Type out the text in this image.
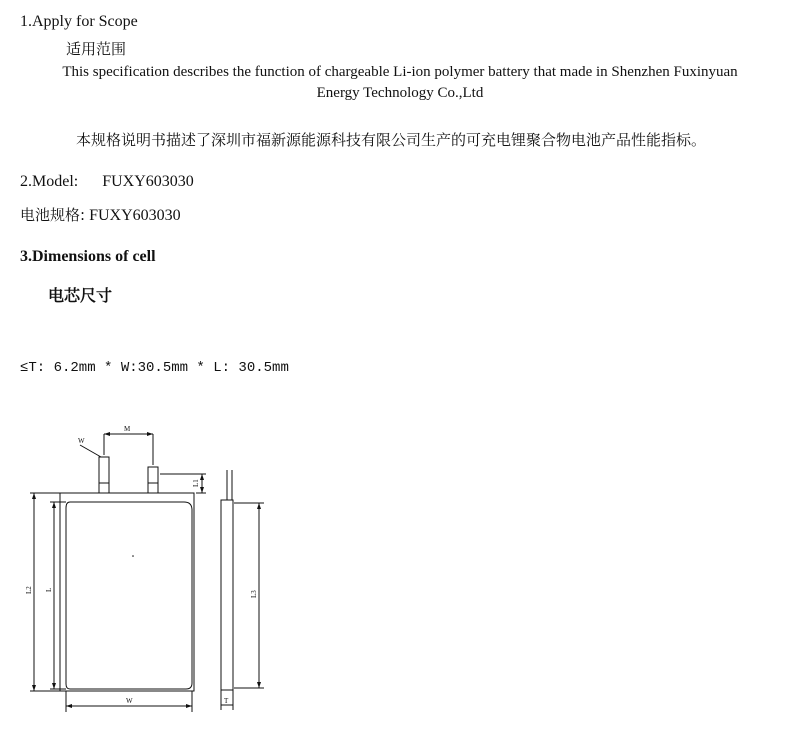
1.Apply for Scope
适用范围
This specification describes the function of chargeable Li-ion polymer battery that made in Shenzhen Fuxinyuan
Energy Technology Co.,Ltd
本规格说明书描述了深圳市福新源能源科技有限公司生产的可充电锂聚合物电池产品性能指标。
2.Model: FUXY603030
电池规格: FUXY603030
3.Dimensions of cell
电芯尺寸
≤T: 6.2mm * W:30.5mm * L: 30.5mm
W
M
L1
L2 L
W
L3
T
